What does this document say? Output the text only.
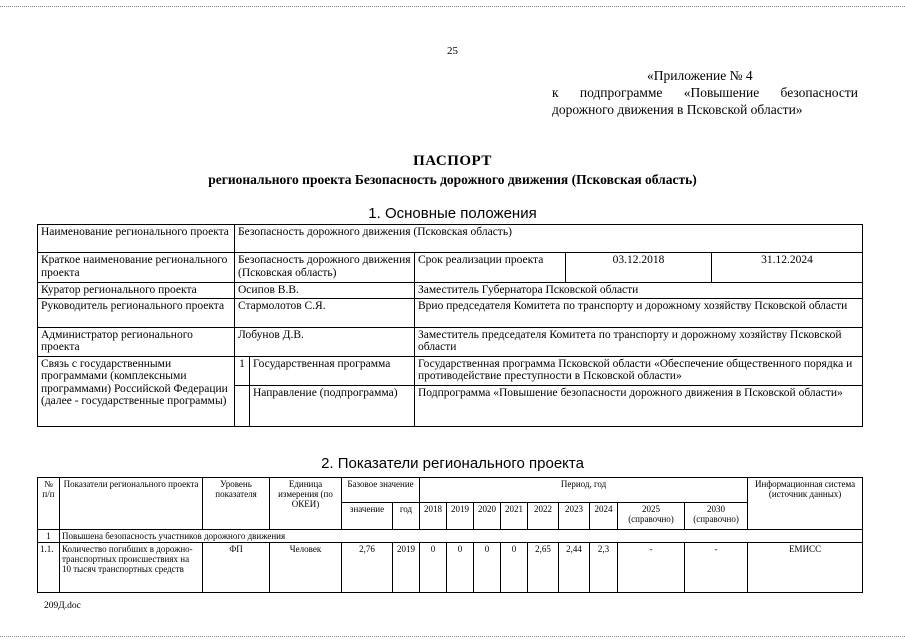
25
«Приложение № 4
к подпрограмме «Повышение безопасности
дорожного движения в Псковской области»
ПАСПОРТ
регионального проекта Безопасность дорожного движения (Псковская область)
1. Основные положения
Наименование регионального проекта	Безопасность дорожного движения (Псковская область)				
Краткое наименование регионального проекта	Безопасность дорожного движения (Псковская область)		Срок реализации проекта	03.12.2018	31.12.2024
Куратор регионального проекта	Осипов В.В.		Заместитель Губернатора Псковской области		
Руководитель регионального проекта	Стармолотов С.Я.		Врио председателя Комитета по транспорту и дорожному хозяйству Псковской области		
Администратор регионального проекта	Лобунов Д.В.		Заместитель председателя Комитета по транспорту и дорожному хозяйству Псковской области		
Связь с государственными программами (комплексными программами) Российской Федерации (далее - государственные программы)	1	Государственная программа	Государственная программа Псковской области «Обеспечение общественного порядка и противодействие преступности в Псковской области»		
		Направление (подпрограмма)	Подпрограмма «Повышение безопасности дорожного движения в Псковской области»		
2. Показатели регионального проекта
№ п/п	Показатели регионального проекта	Уровень показателя	Единица измерения (по ОКЕИ)	Базовое значение		Период, год									Информационная система (источник данных)
				значение	год	2018	2019	2020	2021	2022	2023	2024	2025 (справочно)	2030 (справочно)	
1	Повышена безопасность участников дорожного движения														
1.1.	Количество погибших в дорожно-транспортных происшествиях на 10 тысяч транспортных средств	ФП	Человек	2,76	2019	0	0	0	0	2,65	2,44	2,3	-	-	ЕМИСС
209Д.doc
